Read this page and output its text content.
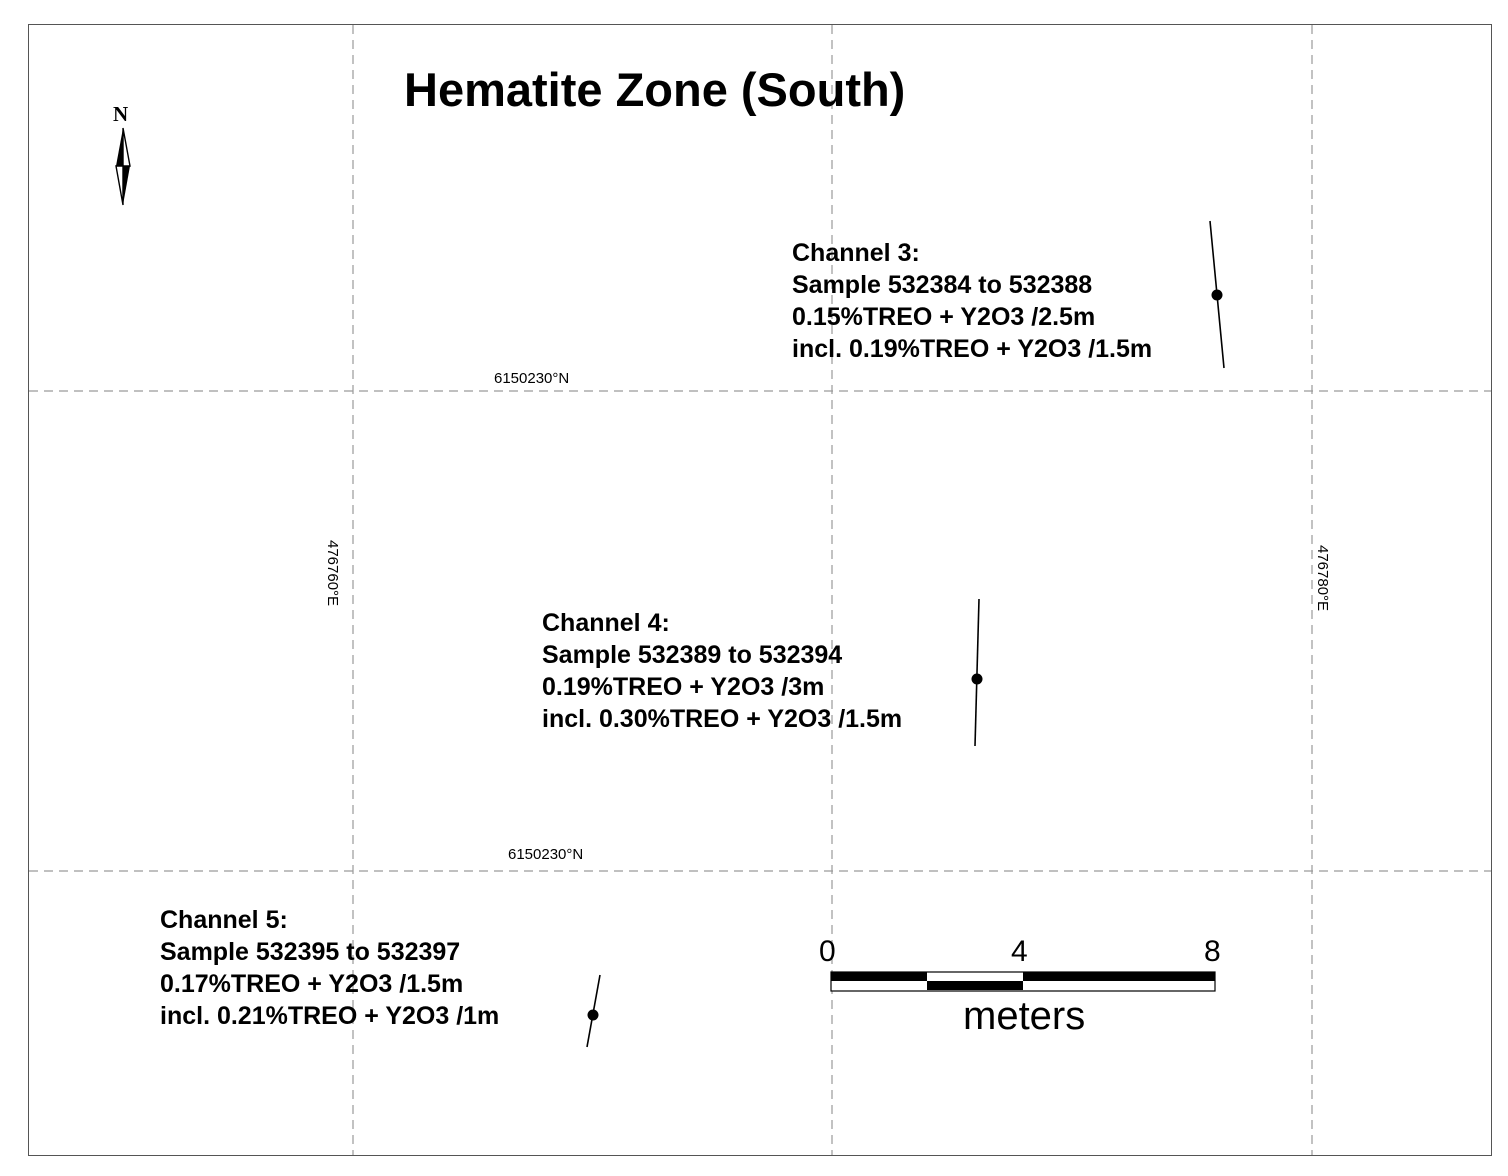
Hematite Zone (South)
N
6150230°N
6150230°N
476760°E	476780°E
Channel 3:
Sample 532384 to 532388
0.15%TREO + Y2O3 /2.5m
incl. 0.19%TREO + Y2O3 /1.5m
Channel 4:
Sample 532389 to 532394
0.19%TREO + Y2O3 /3m
incl. 0.30%TREO + Y2O3 /1.5m
Channel 5:
Sample 532395 to 532397
0.17%TREO + Y2O3 /1.5m
incl. 0.21%TREO + Y2O3 /1m
0	4	8
meters
